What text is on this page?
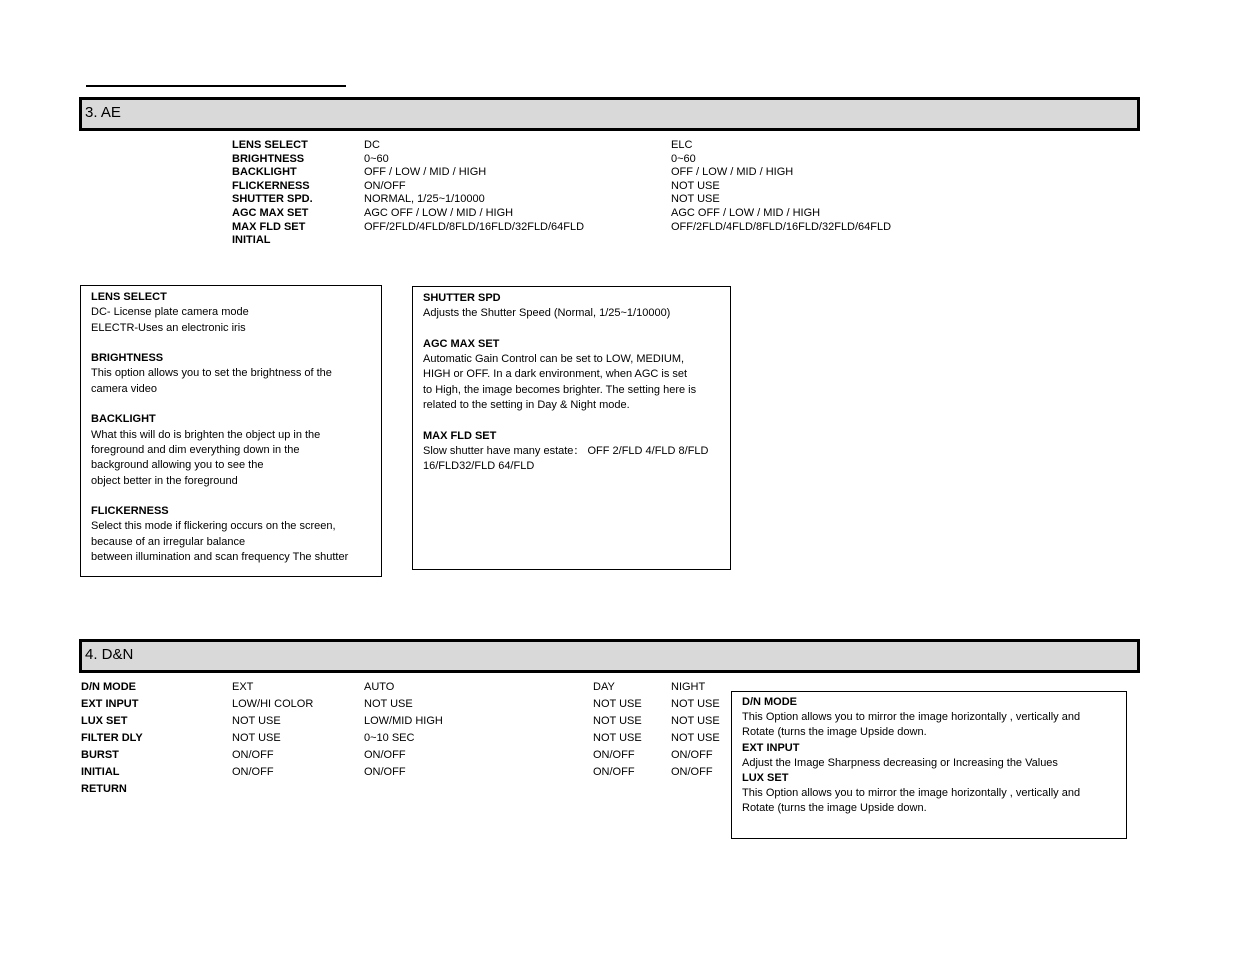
3. AE
LENS SELECT	DC	ELC
BRIGHTNESS	0~60	0~60
BACKLIGHT	OFF / LOW / MID / HIGH	OFF / LOW / MID / HIGH
FLICKERNESS	ON/OFF	NOT USE
SHUTTER SPD.	NORMAL, 1/25~1/10000	NOT USE
AGC MAX SET	AGC OFF / LOW / MID / HIGH	AGC OFF / LOW / MID / HIGH
MAX FLD SET	OFF/2FLD/4FLD/8FLD/16FLD/32FLD/64FLD	OFF/2FLD/4FLD/8FLD/16FLD/32FLD/64FLD
INITIAL

LENS SELECT

DC- License plate camera mode

ELECTR-Uses an electronic iris

BRIGHTNESS

This option allows you to set the brightness of the

camera video

BACKLIGHT

What this will do is brighten the object up in the

foreground and dim everything down in the

background allowing you to see the

object better in the foreground

FLICKERNESS

Select this mode if flickering occurs on the screen,

because of an irregular balance

between illumination and scan frequency The shutter

SHUTTER SPD

Adjusts the Shutter Speed (Normal, 1/25~1/10000)

AGC MAX SET

Automatic Gain Control can be set to LOW, MEDIUM,

HIGH or OFF. In a dark environment, when AGC is set

to High, the image becomes brighter. The setting here is

related to the setting in Day & Night mode.

MAX FLD SET

Slow shutter have many estate： OFF 2/FLD 4/FLD 8/FLD

16/FLD32/FLD 64/FLD

4. D&N
D/N MODE	EXT	AUTO	DAY	NIGHT
EXT INPUT	LOW/HI COLOR	NOT USE	NOT USE	NOT USE
LUX SET	NOT USE	LOW/MID HIGH	NOT USE	NOT USE
FILTER DLY	NOT USE	0~10 SEC	NOT USE	NOT USE
BURST	ON/OFF	ON/OFF	ON/OFF	ON/OFF
INITIAL	ON/OFF	ON/OFF	ON/OFF	ON/OFF
RETURN

D/N MODE

This Option allows you to mirror the image horizontally , vertically and

Rotate (turns the image Upside down.

EXT INPUT

Adjust the Image Sharpness decreasing or Increasing the Values

LUX SET

This Option allows you to mirror the image horizontally , vertically and

Rotate (turns the image Upside down.
